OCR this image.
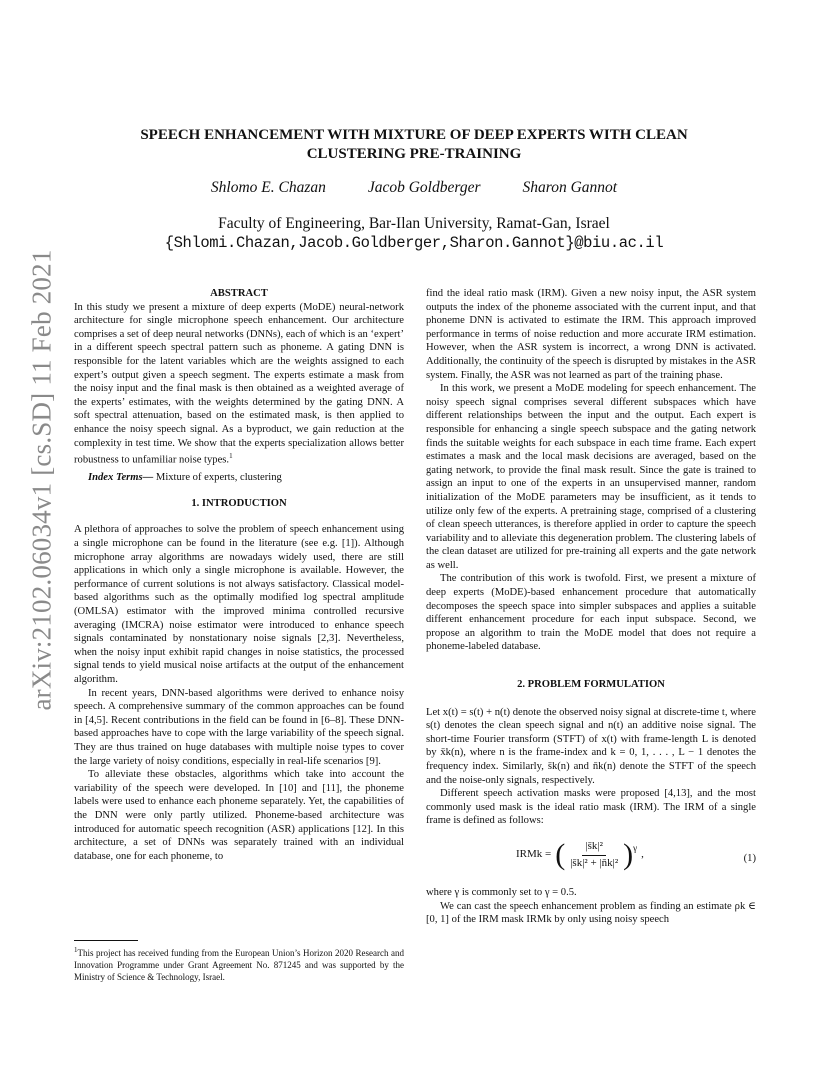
arXiv:2102.06034v1 [cs.SD] 11 Feb 2021
SPEECH ENHANCEMENT WITH MIXTURE OF DEEP EXPERTS WITH CLEAN
CLUSTERING PRE-TRAINING
Shlomo E. Chazan	Jacob Goldberger	Sharon Gannot
Faculty of Engineering, Bar-Ilan University, Ramat-Gan, Israel
{Shlomi.Chazan,Jacob.Goldberger,Sharon.Gannot}@biu.ac.il

ABSTRACT

In this study we present a mixture of deep experts (MoDE) neural-network architecture for single microphone speech enhancement. Our architecture comprises a set of deep neural networks (DNNs), each of which is an ‘expert’ in a different speech spectral pattern such as phoneme. A gating DNN is responsible for the latent variables which are the weights assigned to each expert’s output given a speech segment. The experts estimate a mask from the noisy input and the final mask is then obtained as a weighted average of the experts’ estimates, with the weights determined by the gating DNN. A soft spectral attenuation, based on the estimated mask, is then applied to enhance the noisy speech signal. As a byproduct, we gain reduction at the complexity in test time. We show that the experts specialization allows better robustness to unfamiliar noise types.$^1$

Index Terms— Mixture of experts, clustering

1. INTRODUCTION

A plethora of approaches to solve the problem of speech enhancement using a single microphone can be found in the literature (see e.g. [1]). Although microphone array algorithms are nowadays widely used, there are still applications in which only a single microphone is available. However, the performance of current solutions is not always satisfactory. Classical model-based algorithms such as the optimally modified log spectral amplitude (OMLSA) estimator with the improved minima controlled recursive averaging (IMCRA) noise estimator were introduced to enhance speech signals contaminated by nonstationary noise signals [2,3]. Nevertheless, when the noisy input exhibit rapid changes in noise statistics, the processed signal tends to yield musical noise artifacts at the output of the enhancement algorithm.

In recent years, DNN-based algorithms were derived to enhance noisy speech. A comprehensive summary of the common approaches can be found in [4,5]. Recent contributions in the field can be found in [6–8]. These DNN-based approaches have to cope with the large variability of the speech signal. They are thus trained on huge databases with multiple noise types to cover the large variety of noisy conditions, especially in real-life scenarios [9].

To alleviate these obstacles, algorithms which take into account the variability of the speech were developed. In [10] and [11], the phoneme labels were used to enhance each phoneme separately. Yet, the capabilities of the DNN were only partly utilized. Phoneme-based architecture was introduced for automatic speech recognition (ASR) applications [12]. In this architecture, a set of DNNs was separately trained with an individual database, one for each phoneme, to

$^1$This project has received funding from the European Union’s Horizon 2020 Research and Innovation Programme under Grant Agreement No. 871245 and was supported by the Ministry of Science & Technology, Israel.

find the ideal ratio mask (IRM). Given a new noisy input, the ASR system outputs the index of the phoneme associated with the current input, and that phoneme DNN is activated to estimate the IRM. This approach improved performance in terms of noise reduction and more accurate IRM estimation. However, when the ASR system is incorrect, a wrong DNN is activated. Additionally, the continuity of the speech is disrupted by mistakes in the ASR system. Finally, the ASR was not learned as part of the training phase.

In this work, we present a MoDE modeling for speech enhancement. The noisy speech signal comprises several different subspaces which have different relationships between the input and the output. Each expert is responsible for enhancing a single speech subspace and the gating network finds the suitable weights for each subspace in each time frame. Each expert estimates a mask and the local mask decisions are averaged, based on the gating network, to provide the final mask result. Since the gate is trained to assign an input to one of the experts in an unsupervised manner, random initialization of the MoDE parameters may be insufficient, as it tends to utilize only few of the experts. A pretraining stage, comprised of a clustering of clean speech utterances, is therefore applied in order to capture the speech variability and to alleviate this degeneration problem. The clustering labels of the clean dataset are utilized for pre-training all experts and the gate network as well.

The contribution of this work is twofold. First, we present a mixture of deep experts (MoDE)-based enhancement procedure that automatically decomposes the speech space into simpler subspaces and applies a suitable different enhancement procedure for each input subspace. Second, we propose an algorithm to train the MoDE model that does not require a phoneme-labeled database.

2. PROBLEM FORMULATION

Let x(t) = s(t) + n(t) denote the observed noisy signal at discrete-time t, where s(t) denotes the clean speech signal and n(t) an additive noise signal. The short-time Fourier transform (STFT) of x(t) with frame-length L is denoted by x̄k(n), where n is the frame-index and k = 0, 1, . . . , L − 1 denotes the frequency index. Similarly, s̄k(n) and n̄k(n) denote the STFT of the speech and the noise-only signals, respectively.

Different speech activation masks were proposed [4,13], and the most commonly used mask is the ideal ratio mask (IRM). The IRM of a single frame is defined as follows:

IRMk = ( $\frac{\text{|s̄k|²}}{\text{|s̄k|² + |n̄k|²}} )^\gamma$
,	(1)

where γ is commonly set to γ = 0.5.

We can cast the speech enhancement problem as finding an estimate ρk ∈ [0, 1] of the IRM mask IRMk by only using noisy speech
